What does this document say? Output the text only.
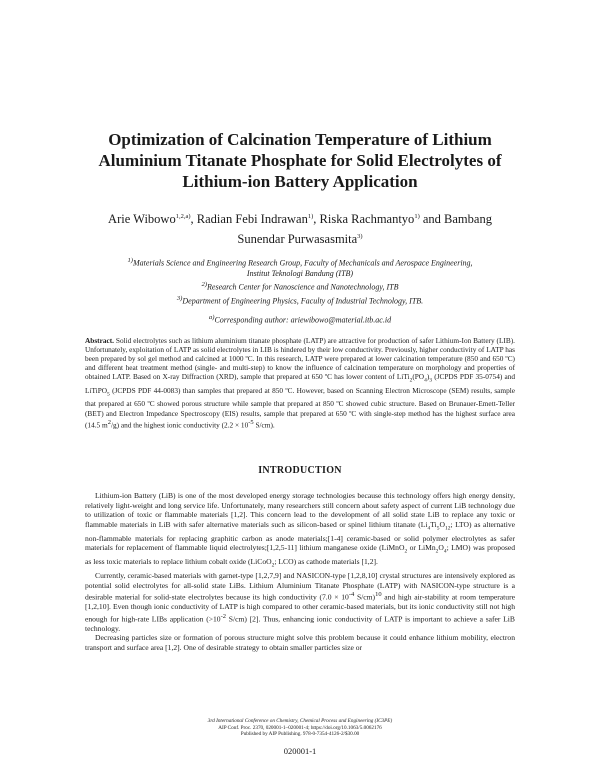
Optimization of Calcination Temperature of Lithium
Aluminium Titanate Phosphate for Solid Electrolytes of
Lithium-ion Battery Application
Arie Wibowo$^{1,2,a)}$, Radian Febi Indrawan$^{1)}$, Riska Rachmantyo$^{1)}$ and Bambang
Sunendar Purwasasmita$^{3)}$
$^{1)}$Materials Science and Engineering Research Group, Faculty of Mechanicals and Aerospace Engineering,
Institut Teknologi Bandung (ITB)
$^{2)}$Research Center for Nanoscience and Nanotechnology, ITB
$^{3)}$Department of Engineering Physics, Faculty of Industrial Technology, ITB.
$^{a)}$Corresponding author: ariewibowo@material.itb.ac.id
Abstract. Solid electrolytes such as lithium aluminium titanate phosphate (LATP) are attractive for production of safer Lithium-Ion Battery (LIB). Unfortunately, exploitation of LATP as solid electrolytes in LIB is hindered by their low conductivity. Previously, higher conductivity of LATP has been prepared by sol gel method and calcined at 1000 ºC. In this research, LATP were prepared at lower calcination temperature (850 and 650 ºC) and different heat treatment method (single- and multi-step) to know the influence of calcination temperature on morphology and properties of obtained LATP. Based on X-ray Diffraction (XRD), sample that prepared at 650 ºC has lower content of $LiTi_2(PO_4)_3$ (JCPDS PDF 35-0754) and LiTiPO$_5$ (JCPDS PDF 44-0083) than samples that prepared at 850 ºC. However, based on Scanning Electron Microscope (SEM) results, sample that prepared at 650 ºC showed porous structure while sample that prepared at 850 ºC showed cubic structure. Based on Brunauer-Emett-Teller (BET) and Electron Impedance Spectroscopy (EIS) results, sample that prepared at 650 ºC with single-step method has the highest surface area (14.5 $m^2/g$) and the highest ionic conductivity ($2.2 \times 10^{-5}$ S/cm).
INTRODUCTION

Lithium-ion Battery (LiB) is one of the most developed energy storage technologies because this technology offers high energy density, relatively light-weight and long service life. Unfortunately, many researchers still concern about safety aspect of current LiB technology due to utilization of toxic or flammable materials [1,2]. This concern lead to the development of all solid state LiB to replace any toxic or flammable materials in LiB with safer alternative materials such as silicon-based or spinel lithium titanate ($Li_4Ti_5O_{12}$; LTO) as alternative non-flammable materials for replacing graphitic carbon as anode materials;[1-4] ceramic-based or solid polymer electrolytes as safer materials for replacement of flammable liquid electrolytes;[1,2,5-11] lithium manganese oxide (LiMnO$_2$ or $LiMn_2O_4$; LMO) was proposed as less toxic materials to replace lithium cobalt oxide (LiCoO$_2$; LCO) as cathode materials [1,2].

Currently, ceramic-based materials with garnet-type [1,2,7,9] and NASICON-type [1,2,8,10] crystal structures are intensively explored as potential solid electrolytes for all-solid state LiBs. Lithium Aluminium Titanate Phosphate (LATP) with NASICON-type structure is a desirable material for solid-state electrolytes because its high conductivity ($7.0 \times 10^{-4}$ S/cm)$^{10}$ and high air-stability at room temperature [1,2,10]. Even though ionic conductivity of LATP is high compared to other ceramic-based materials, but its ionic conductivity still not high enough for high-rate LIBs application ($>10^{-2}$ S/cm) [2]. Thus, enhancing ionic conductivity of LATP is important to achieve a safer LiB technology.

Decreasing particles size or formation of porous structure might solve this problem because it could enhance lithium mobility, electron transport and surface area [1,2]. One of desirable strategy to obtain smaller particles size or

3rd International Conference on Chemistry, Chemical Process and Engineering (IC3PE)
AIP Conf. Proc. 2370, 020001-1–020001-4; https://doi.org/10.1063/5.0062176
Published by AIP Publishing. 978-0-7354-4126-2/$30.00
020001-1
